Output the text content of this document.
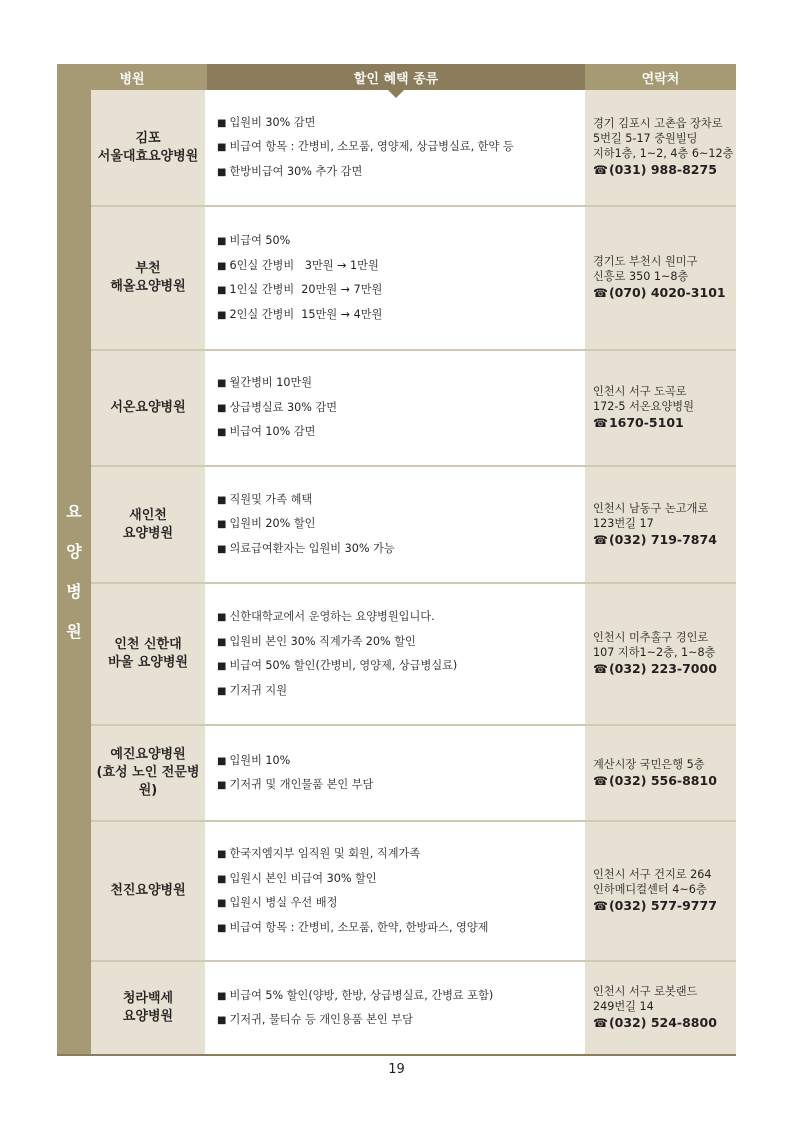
병원	할인 혜택 종류	연락처
요
양
병
원
김포
서울대효요양병원
■ 입원비 30% 감면
■ 비급여 항목 : 간병비, 소모품, 영양제, 상급병실료, 한약 등
■ 한방비급여 30% 추가 감면
경기 김포시 고촌읍 장차로
5번길 5-17 중원빌딩
지하1층, 1~2, 4층 6~12층
☎(031) 988-8275
부천
해올요양병원
■ 비급여 50%
■ 6인실 간병비   3만원 → 1만원
■ 1인실 간병비  20만원 → 7만원
■ 2인실 간병비  15만원 → 4만원
경기도 부천시 원미구
신흥로 350 1~8층
☎(070) 4020-3101
서온요양병원
■ 월간병비 10만원
■ 상급병실료 30% 감면
■ 비급여 10% 감면
인천시 서구 도곡로
172-5 서온요양병원
☎1670-5101
새인천
요양병원
■ 직원및 가족 혜택
■ 입원비 20% 할인
■ 의료급여환자는 입원비 30% 가능
인천시 남동구 논고개로
123번길 17
☎(032) 719-7874
인천 신한대
바울 요양병원
■ 신한대학교에서 운영하는 요양병원입니다.
■ 입원비 본인 30% 직계가족 20% 할인
■ 비급여 50% 할인(간병비, 영양제, 상급병실료)
■ 기저귀 지원
인천시 미추홀구 경인로
107 지하1~2층, 1~8층
☎(032) 223-7000
예진요양병원
(효성 노인 전문병원)
■ 입원비 10%
■ 기저귀 및 개인물품 본인 부담
계산시장 국민은행 5층
☎(032) 556-8810
천진요양병원
■ 한국지엠지부 임직원 및 회원, 직계가족
■ 입원시 본인 비급여 30% 할인
■ 입원시 병실 우선 배정
■ 비급여 항목 : 간병비, 소모품, 한약, 한방파스, 영양제
인천시 서구 건지로 264
인하메디컬센터 4~6층
☎(032) 577-9777
청라백세
요양병원
■ 비급여 5% 할인(양방, 한방, 상급병실료, 간병료 포함)
■ 기저귀, 물티슈 등 개인용품 본인 부담
인천시 서구 로봇랜드
249번길 14
☎(032) 524-8800
19
